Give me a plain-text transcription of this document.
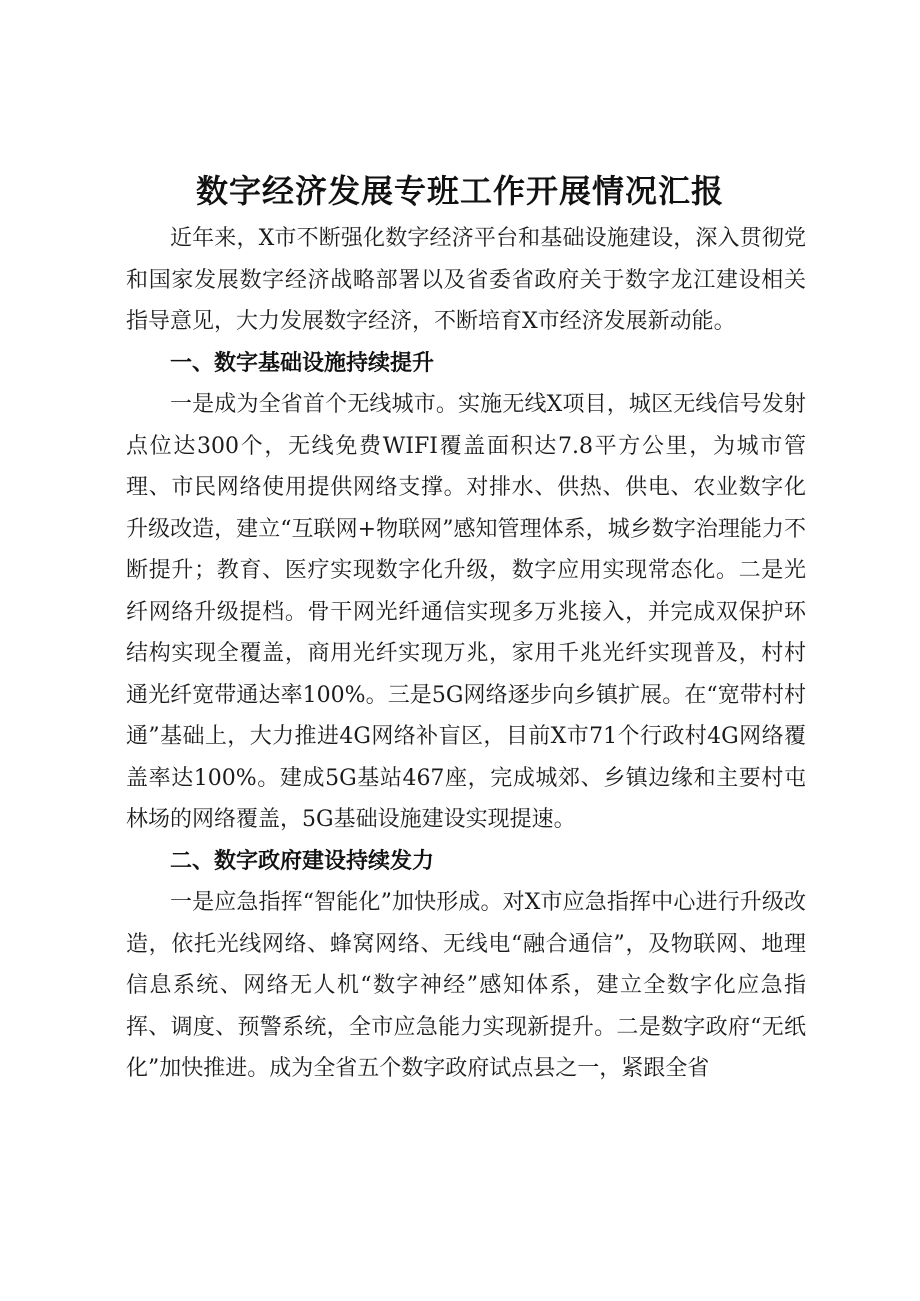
数字经济发展专班工作开展情况汇报

近年来，X市不断强化数字经济平台和基础设施建设，深入贯彻党和国家发展数字经济战略部署以及省委省政府关于数字龙江建设相关指导意见，大力发展数字经济，不断培育X市经济发展新动能。

一、数字基础设施持续提升

一是成为全省首个无线城市。实施无线X项目，城区无线信号发射点位达300个，无线免费WIFI覆盖面积达7.8平方公里，为城市管理、市民网络使用提供网络支撑。对排水、供热、供电、农业数字化升级改造，建立“互联网+物联网”感知管理体系，城乡数字治理能力不断提升；教育、医疗实现数字化升级，数字应用实现常态化。二是光纤网络升级提档。骨干网光纤通信实现多万兆接入，并完成双保护环结构实现全覆盖，商用光纤实现万兆，家用千兆光纤实现普及，村村通光纤宽带通达率100%。三是5G网络逐步向乡镇扩展。在“宽带村村通”基础上，大力推进4G网络补盲区，目前X市71个行政村4G网络覆盖率达100%。建成5G基站467座，完成城郊、乡镇边缘和主要村屯林场的网络覆盖，5G基础设施建设实现提速。

二、数字政府建设持续发力

一是应急指挥“智能化”加快形成。对X市应急指挥中心进行升级改造，依托光线网络、蜂窝网络、无线电“融合通信”，及物联网、地理信息系统、网络无人机“数字神经”感知体系，建立全数字化应急指挥、调度、预警系统，全市应急能力实现新提升。二是数字政府“无纸化”加快推进。成为全省五个数字政府试点县之一，紧跟全省
